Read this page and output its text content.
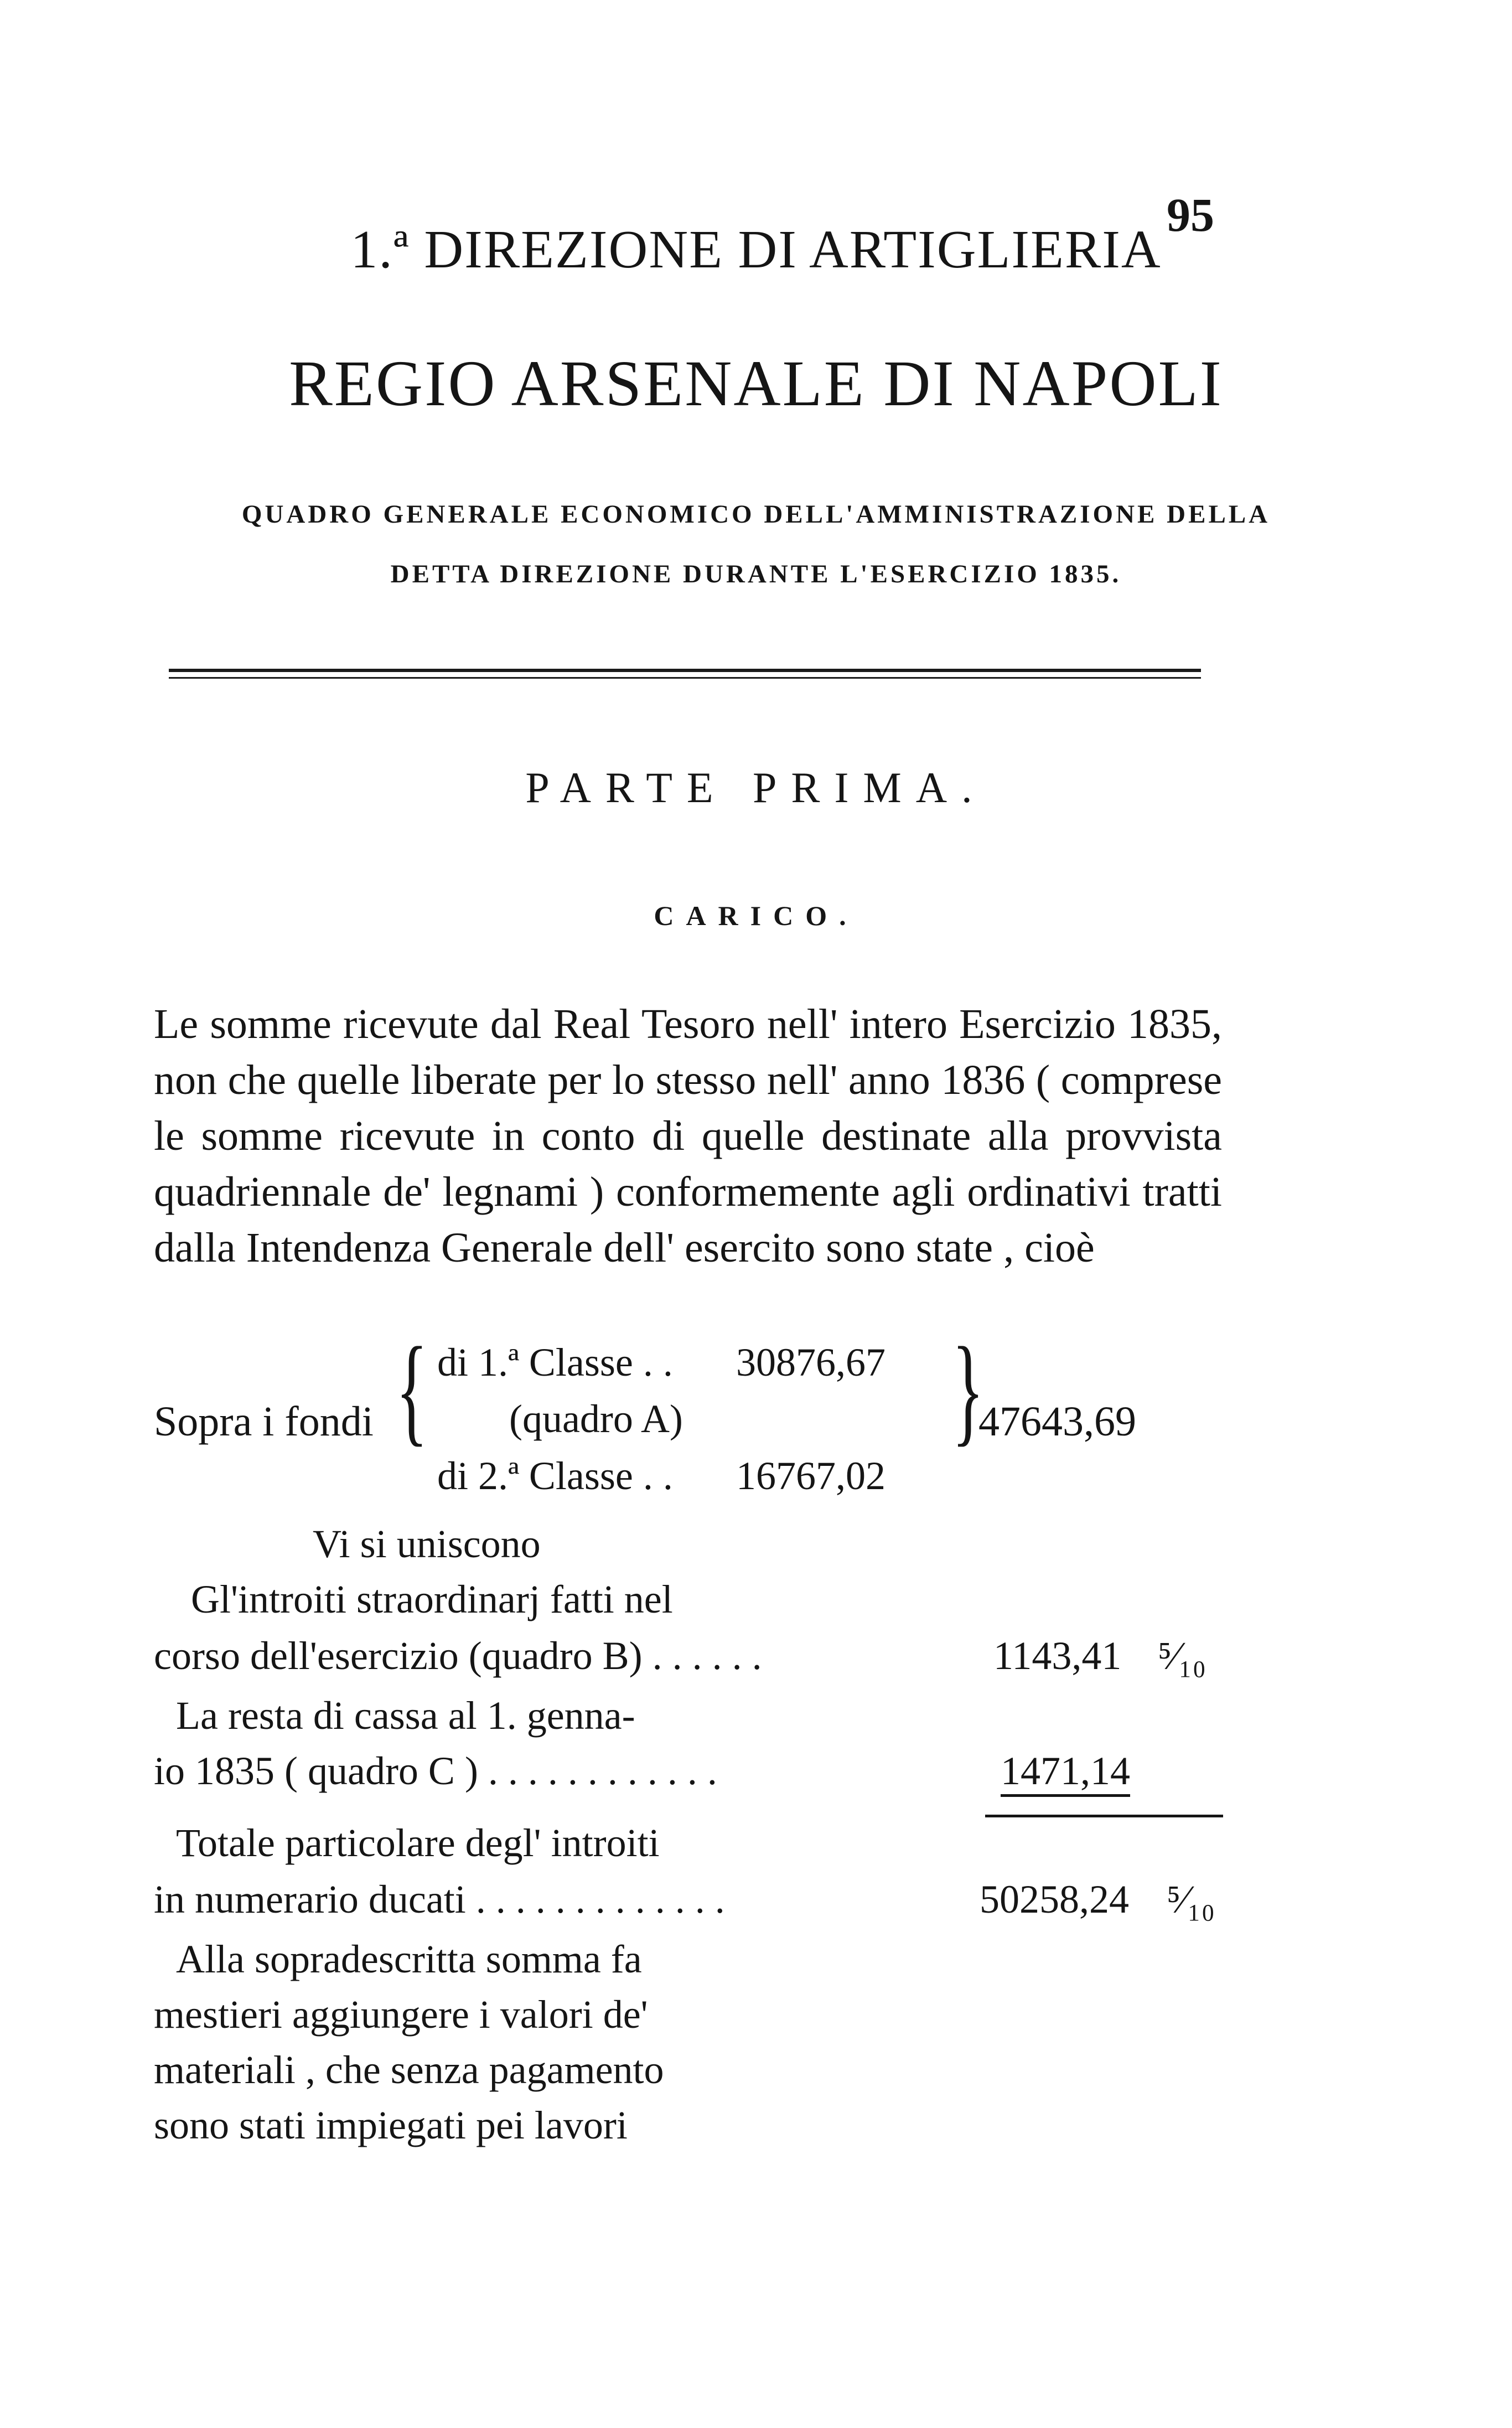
95
1.ª DIREZIONE DI ARTIGLIERIA
REGIO ARSENALE DI NAPOLI
QUADRO GENERALE ECONOMICO DELL'AMMINISTRAZIONE DELLA
DETTA DIREZIONE DURANTE L'ESERCIZIO 1835.
PARTE PRIMA.
CARICO.
Le somme ricevute dal Real Tesoro nell' intero Esercizio 1835, non che quelle liberate per lo stesso nell' anno 1836 ( comprese le somme ricevute in conto di quelle destinate alla provvista quadriennale de' legnami ) conformemente agli ordinativi tratti dalla Intendenza Generale dell' esercito sono state , cioè
Sopra i fondi { di 1.ª Classe . . 30876,67
(quadro A)
di 2.ª Classe . . 16767,02
}
47643,69
Vi si uniscono
Gl'introiti straordinarj fatti nel
corso dell'esercizio (quadro B) . . . . . .	1143,41 ⁵⁄₁₀
La resta di cassa al 1. genna-
io 1835 ( quadro C ) . . . . . . . . . . . .	1471,14
Totale particolare degl' introiti
in numerario ducati . . . . . . . . . . . . .	50258,24 ⁵⁄₁₀
Alla sopradescritta somma fa
mestieri aggiungere i valori de'
materiali , che senza pagamento
sono stati impiegati pei lavori
